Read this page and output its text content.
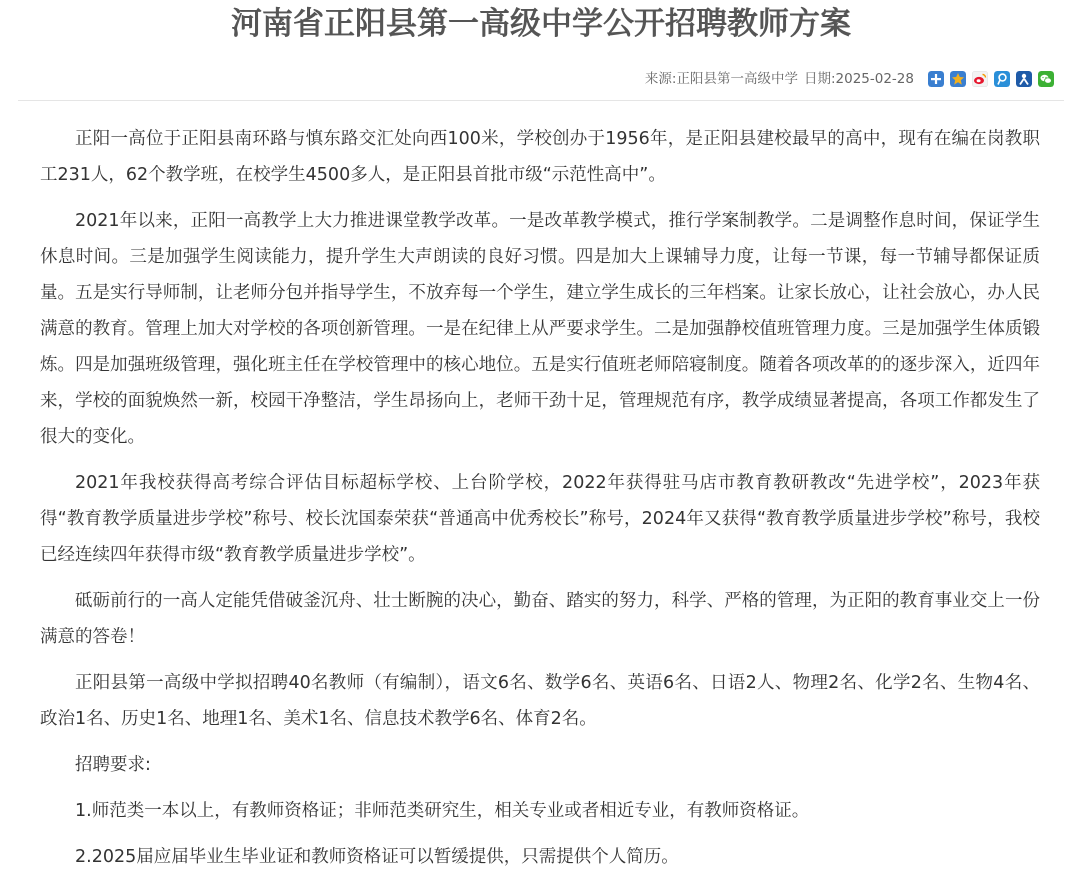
河南省正阳县第一高级中学公开招聘教师方案
来源: 正阳县第一高级中学 日期: 2025-02-28

正阳一高位于正阳县南环路与慎东路交汇处向西100米，学校创办于1956年，是正阳县建校最早的高中，现有在编在岗教职工231人，62个教学班，在校学生4500多人，是正阳县首批市级“示范性高中”。

2021年以来，正阳一高教学上大力推进课堂教学改革。一是改革教学模式，推行学案制教学。二是调整作息时间，保证学生休息时间。三是加强学生阅读能力，提升学生大声朗读的良好习惯。四是加大上课辅导力度，让每一节课，每一节辅导都保证质量。五是实行导师制，让老师分包并指导学生，不放弃每一个学生，建立学生成长的三年档案。让家长放心，让社会放心，办人民满意的教育。管理上加大对学校的各项创新管理。一是在纪律上从严要求学生。二是加强静校值班管理力度。三是加强学生体质锻炼。四是加强班级管理，强化班主任在学校管理中的核心地位。五是实行值班老师陪寝制度。随着各项改革的的逐步深入，近四年来，学校的面貌焕然一新，校园干净整洁，学生昂扬向上，老师干劲十足，管理规范有序，教学成绩显著提高，各项工作都发生了很大的变化。

2021年我校获得高考综合评估目标超标学校、上台阶学校，2022年获得驻马店市教育教研教改“先进学校”，2023年获得“教育教学质量进步学校”称号、校长沈国泰荣获“普通高中优秀校长”称号，2024年又获得“教育教学质量进步学校”称号，我校已经连续四年获得市级“教育教学质量进步学校”。

砥砺前行的一高人定能凭借破釜沉舟、壮士断腕的决心，勤奋、踏实的努力，科学、严格的管理，为正阳的教育事业交上一份满意的答卷！

正阳县第一高级中学拟招聘40名教师（有编制），语文6名、数学6名、英语6名、日语2人、物理2名、化学2名、生物4名、政治1名、历史1名、地理1名、美术1名、信息技术教学6名、体育2名。

招聘要求:

1.师范类一本以上，有教师资格证；非师范类研究生，相关专业或者相近专业，有教师资格证。

2.2025届应届毕业生毕业证和教师资格证可以暂缓提供，只需提供个人简历。
